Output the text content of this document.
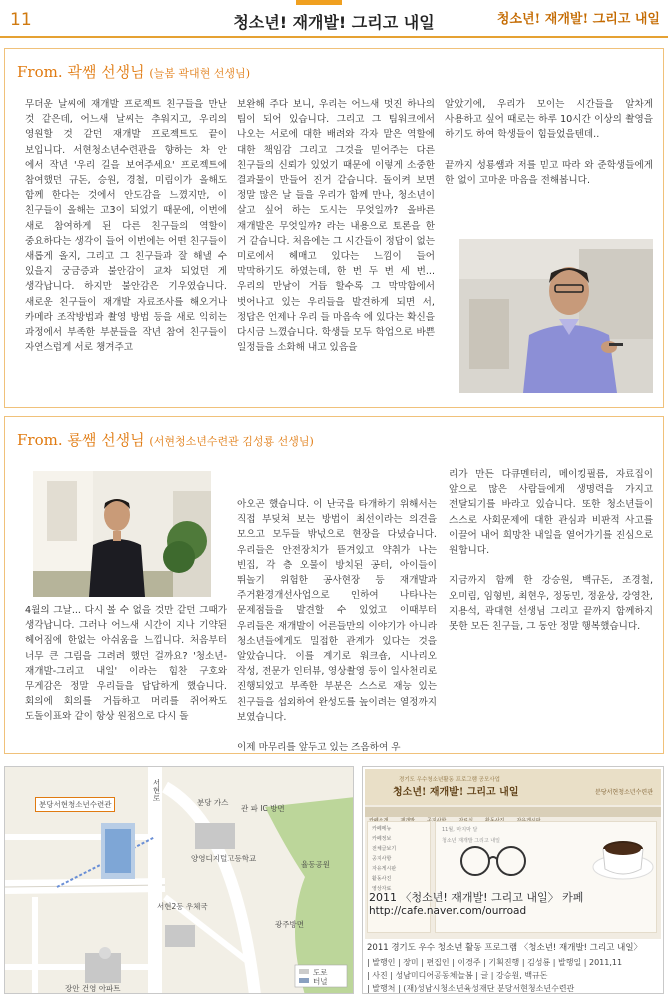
11	청소년! 재개발! 그리고 내일	청소년! 재개발! 그리고 내일
From. 곽쌤 선생님 ( 늘봄 곽대현 선생님 )
무더운 날씨에 재개발 프로젝트 친구들을 만난 것 같은데, 어느새 날씨는 추워지고, 우리의 영원할 것 같던 재개발 프로젝트도 끝이 보입니다. 서현청소년수련관을 향하는 차 안 에서 작년 '우리 길을 보여주세요' 프로젝트에 참여했던 규돈, 승원, 경철, 미림이가 올해도 함께 한다는 것에서 안도감을 느꼈지만, 이 친구들이 올해는 고3이 되었기 때문에, 이번에 새로 참여하게 된 다른 친구들의 역할이 중요하다는 생각이 들어 이번에는 어떤 친구들이 새롭게 올지, 그리고 그 친구들과 잘 해낼 수 있을지 궁금증과 불안감이 교차 되었던 게 생각납니다. 하지만 불안감은 기우였습니다. 새로운 친구들이 재개발 자료조사를 해오거나 카메라 조작방법과 촬영 방법 등을 새로 익히는 과정에서 부족한 부분들을 작년 참여 친구들이 자연스럽게 서로 챙겨주고
보완해 주다 보니, 우리는 어느새 멋진 하나의 팀이 되어 있습니다. 그리고 그 팀워크에서 나오는 서로에 대한 배려와 각자 맡은 역할에 대한 책임감 그리고 그것을 믿어주는 다른 친구들의 신뢰가 있었기 때문에 이렇게 소중한 결과물이 만들어 진거 같습니다. 돌이켜 보면 정말 많은 날 들을 우리가 함께 만나, 청소년이 살고 싶어 하는 도시는 무엇일까? 올바른 재개발은 무엇일까? 라는 내용으로 토론을 한 거 같습니다. 처음에는 그 시간들이 정답이 없는 미로에서 헤매고 있다는 느낌이 들어 막막하기도 하였는데, 한 번 두 번 세 번... 우리의 만남이 거듭 할수록 그 막막함에서 벗어나고 있는 우리들을 발견하게 되면 서, 정답은 언제나 우리 들 마음속 에 있다는 확신을 다시금 느꼈습니다. 학생들 모두 학업으로 바쁜 일정들을 소화해 내고 있음을
알았기에, 우리가 모이는 시간들을 알차게 사용하고 싶어 때로는 하루 10시간 이상의 촬영을 하기도 하여 학생들이 힘들었을텐데..

끝까지 성룡쌤과 저를 믿고 따라 와 준학생들에게 한 없이 고마운 마음을 전해봅니다.
From. 룡쌤 선생님 ( 서현청소년수련관 김성룡 선생님 )
4월의 그날... 다시 볼 수 없을 것만 같던 그때가 생각납니다. 그러나 어느새 시간이 지나 기약된 헤어짐에 한없는 아쉬움을 느낍니다. 처음부터 너무 큰 그림을 그려려 했던 걸까요? '청소년-재개발-그리고 내일' 이라는 힘찬 구호와 무게감은 정말 우리들을 답답하게 했습니다. 회의에 회의를 거듭하고 머리를 쥐어짜도 도돌이표와 같이 항상 원점으로 다시 돌
아오곤 했습니다. 이 난국을 타개하기 위해서는 직접 부딪쳐 보는 방법이 최선이라는 의견을 모으고 모두들 밖넋으로 현장을 다녔습니다. 우리들은 안전장치가 뜯겨있고 약취가 나는 빈집, 각 층 오물이 방치된 공터, 아이들이 뛰놀기 위험한 공사현장 등 재개발과 주거환경개선사업으로 인하여 나타나는 문제점들을 발견할 수 있었고 이때부터 우리들은 재개발이 어른들만의 이야기가 아니라 청소년들에게도 밀접한 관계가 있다는 것을 알았습니다. 이를 계기로 워크숍, 시나리오 작성, 전문가 인터뷰, 영상촬영 등이 일사천리로 진행되었고 부족한 부분은 스스로 재능 있는 친구들을 섭외하여 완성도를 높이려는 열정까지 보였습니다.

이제 마무리를 앞두고 있는 즈음하여 우
리가 만든 다큐멘터리, 메이킹필름, 자료집이 앞으로 많은 사람들에게 생명력을 가지고 전달되기를 바라고 있습니다. 또한 청소년들이 스스로 사회문제에 대한 관심과 비판적 사고를 이끌어 내어 희망찬 내일을 열어가기를 진심으로 원합니다.

지금까지 함께 한 강승원, 백규돈, 조경철, 오미림, 임형빈, 최현우, 정동민, 정윤상, 강영찬, 지용석, 곽대현 선생님 그리고 끝까지 함께하지 못한 모든 친구들, 그 동안 정말 행복했습니다.
분당서현청소년수련관	분당 가스
관 파 IC 방면
양영디지털고등학교
서현2동 우체국
율동공원
장안 건영 아파트
광주방면
서현로
도로
터널
경기도 우수청소년활동 프로그램 공모사업
청소년! 재개발! 그리고 내일	분당서현청소년수련관

카페메뉴
카페정보
전체글보기
공지사항
자유게시판
활동사진
영상자료
11월, 마지막 달
청소년 재개발 그리고 내일
2011 〈청소년! 재개발! 그리고 내일〉 카페
http://cafe.naver.com/ourroad
2011 경기도 우수 청소년 활동 프로그램 〈청소년! 재개발! 그리고 내일〉
| 발행인 | 장미 | 편집인 | 이경주 | 기획진행 | 김성룡 | 발행일 | 2011,11
| 사진 | 성남미디어공동체늘봄 | 글 | 강승원, 백규돈
| 발행처 | (재)성남시청소년육성재단 분당서현청소년수련관
